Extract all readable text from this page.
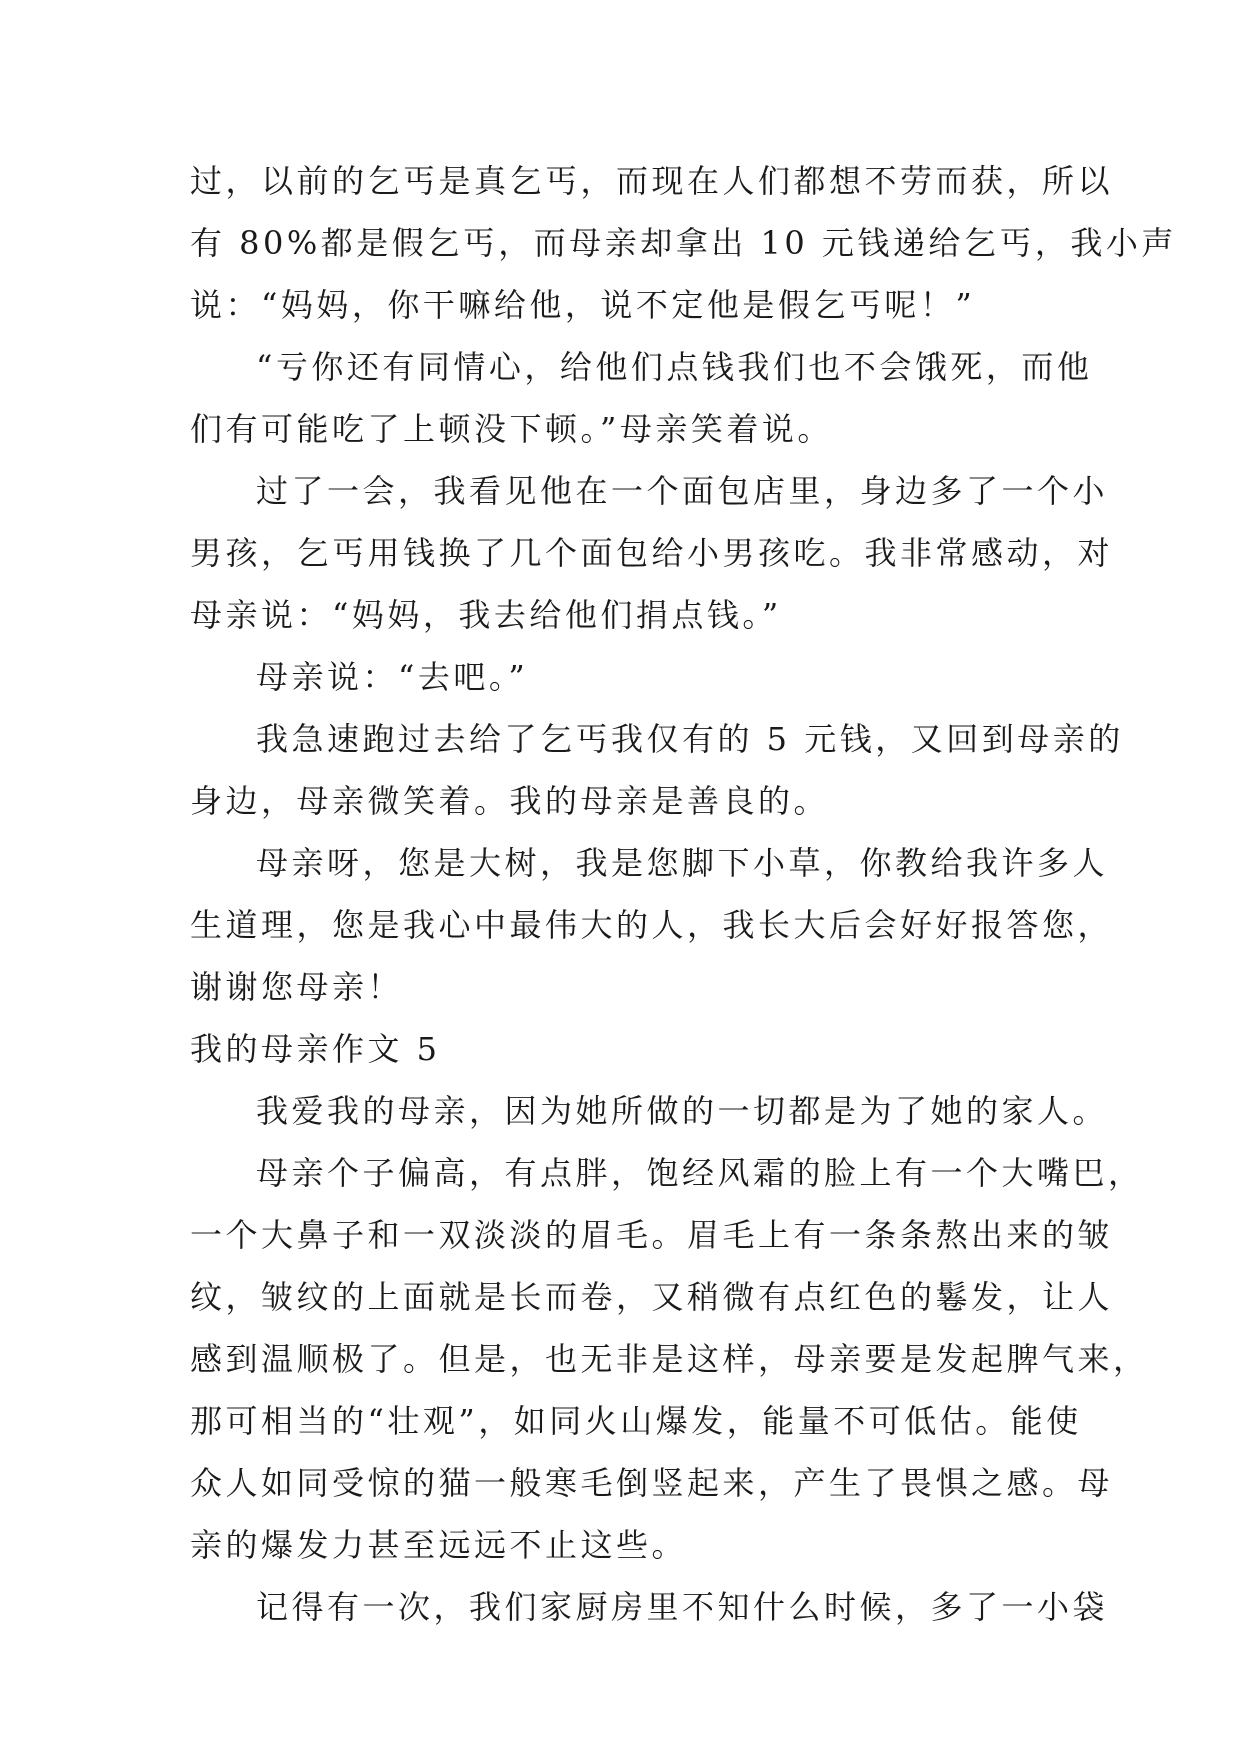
过，以前的乞丐是真乞丐，而现在人们都想不劳而获，所以
有 80%都是假乞丐，而母亲却拿出 10 元钱递给乞丐，我小声
说：“妈妈，你干嘛给他，说不定他是假乞丐呢！”
“亏你还有同情心，给他们点钱我们也不会饿死，而他
们有可能吃了上顿没下顿。”母亲笑着说。
过了一会，我看见他在一个面包店里，身边多了一个小
男孩，乞丐用钱换了几个面包给小男孩吃。我非常感动，对
母亲说：“妈妈，我去给他们捐点钱。”
母亲说：“去吧。”
我急速跑过去给了乞丐我仅有的 5 元钱，又回到母亲的
身边，母亲微笑着。我的母亲是善良的。
母亲呀，您是大树，我是您脚下小草，你教给我许多人
生道理，您是我心中最伟大的人，我长大后会好好报答您，
谢谢您母亲！
我的母亲作文 5
我爱我的母亲，因为她所做的一切都是为了她的家人。
母亲个子偏高，有点胖，饱经风霜的脸上有一个大嘴巴，
一个大鼻子和一双淡淡的眉毛。眉毛上有一条条熬出来的皱
纹，皱纹的上面就是长而卷，又稍微有点红色的鬈发，让人
感到温顺极了。但是，也无非是这样，母亲要是发起脾气来，
那可相当的“壮观”，如同火山爆发，能量不可低估。能使
众人如同受惊的猫一般寒毛倒竖起来，产生了畏惧之感。母
亲的爆发力甚至远远不止这些。
记得有一次，我们家厨房里不知什么时候，多了一小袋
